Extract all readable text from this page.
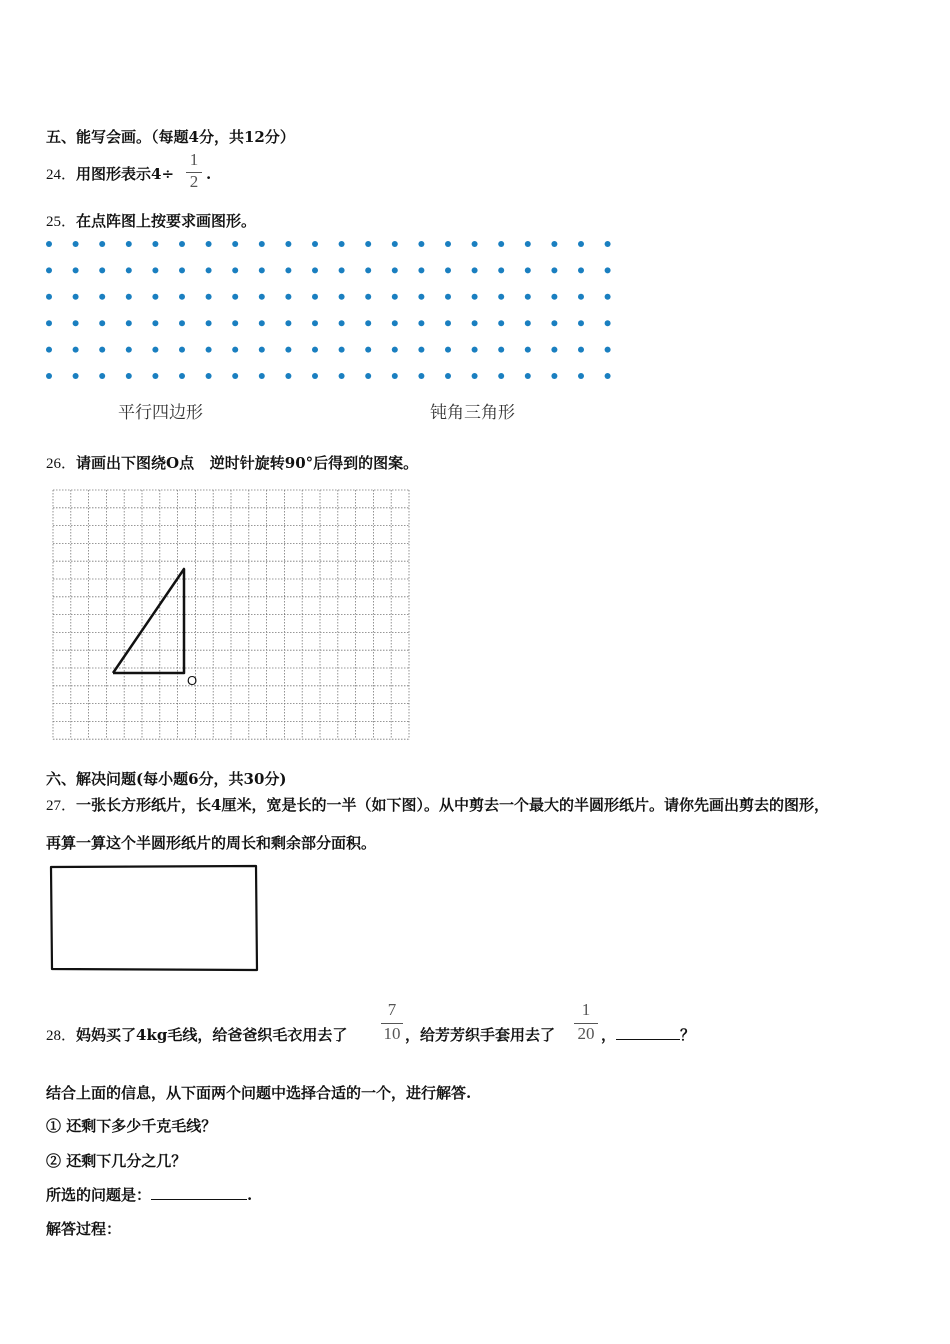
五、能写会画。（每题4分，共12分）
24．用图形表示4÷
1
2 .
25．在点阵图上按要求画图形。
平行四边形	钝角三角形
26．请画出下图绕O点   逆时针旋转90°后得到的图案。
O
六、解决问题(每小题6分，共30分)
27．一张长方形纸片，长4厘米，宽是长的一半（如下图）。从中剪去一个最大的半圆形纸片。请你先画出剪去的图形，
再算一算这个半圆形纸片的周长和剩余部分面积。
28．妈妈买了4kg毛线，给爸爸织毛衣用去了
7
10 ，给芳芳织手套用去了
1
20 ，	？
结合上面的信息，从下面两个问题中选择合适的一个，进行解答.
① 还剩下多少千克毛线？
② 还剩下几分之几？
所选的问题是：	.
解答过程：
